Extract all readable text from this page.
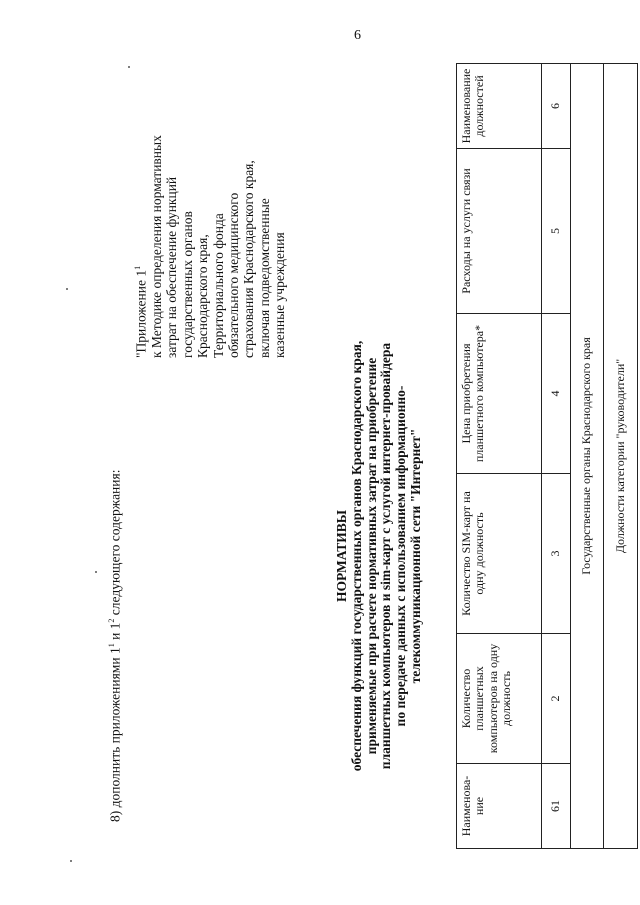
6
8) дополнить приложениями $1^1$ и $1^2$ следующего содержания:
"Приложение $1^1$ к Методике определения нормативных затрат на обеспечение функций государственных органов Краснодарского края, Территориального фонда обязательного медицинского страхования Краснодарского края, включая подведомственные казенные учреждения
НОРМАТИВЫ обеспечения функций государственных органов Краснодарского края, применяемые при расчете нормативных затрат на приобретение планшетных компьютеров и sim-карт с услугой интернет-провайдера по передаче данных с использованием информационно- телекоммуникационной сети "Интернет"
Наименова-ние	Количество планшетных компьютеров на одну должность	Количество SIM-карт на одну должность	Цена приобретения планшетного компьютера*	Расходы на услуги связи	Наименование должностей
61	2	3	4	5	6
Государственные органы Краснодарского края					
Должности категории "руководители"					
